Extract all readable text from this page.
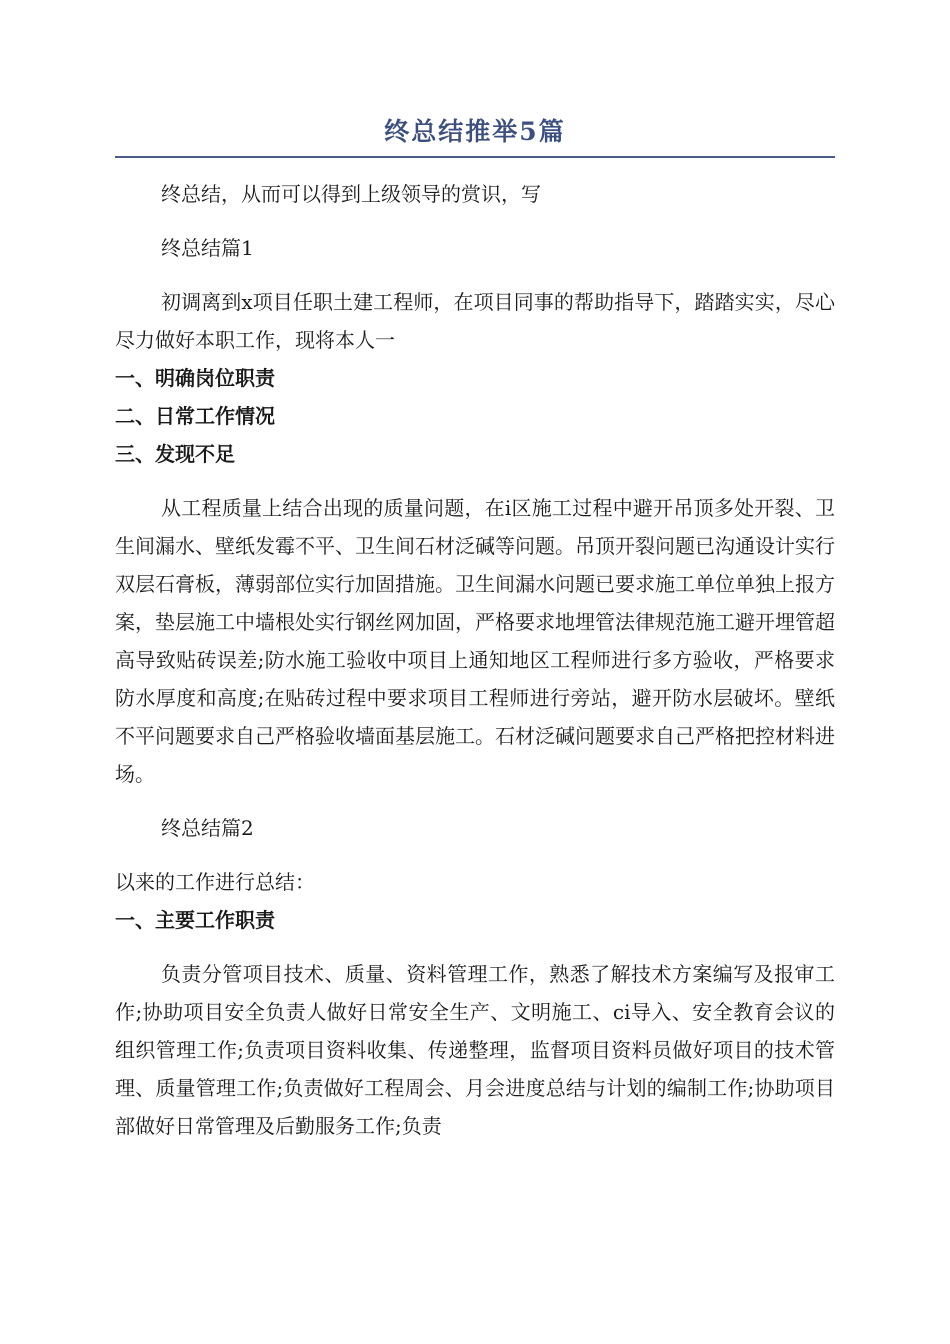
终总结推举5篇

终总结，从而可以得到上级领导的赏识，写

终总结篇1

初调离到x项目任职土建工程师，在项目同事的帮助指导下，踏踏实实，尽心尽力做好本职工作，现将本人一

一、明确岗位职责

二、日常工作情况

三、发现不足

从工程质量上结合出现的质量问题，在i区施工过程中避开吊顶多处开裂、卫生间漏水、壁纸发霉不平、卫生间石材泛碱等问题。吊顶开裂问题已沟通设计实行双层石膏板，薄弱部位实行加固措施。卫生间漏水问题已要求施工单位单独上报方案，垫层施工中墙根处实行钢丝网加固，严格要求地埋管法律规范施工避开埋管超高导致贴砖误差;防水施工验收中项目上通知地区工程师进行多方验收，严格要求防水厚度和高度;在贴砖过程中要求项目工程师进行旁站，避开防水层破坏。壁纸不平问题要求自己严格验收墙面基层施工。石材泛碱问题要求自己严格把控材料进场。

终总结篇2

以来的工作进行总结：

一、主要工作职责

负责分管项目技术、质量、资料管理工作，熟悉了解技术方案编写及报审工作;协助项目安全负责人做好日常安全生产、文明施工、ci导入、安全教育会议的组织管理工作;负责项目资料收集、传递整理，监督项目资料员做好项目的技术管理、质量管理工作;负责做好工程周会、月会进度总结与计划的编制工作;协助项目部做好日常管理及后勤服务工作;负责
